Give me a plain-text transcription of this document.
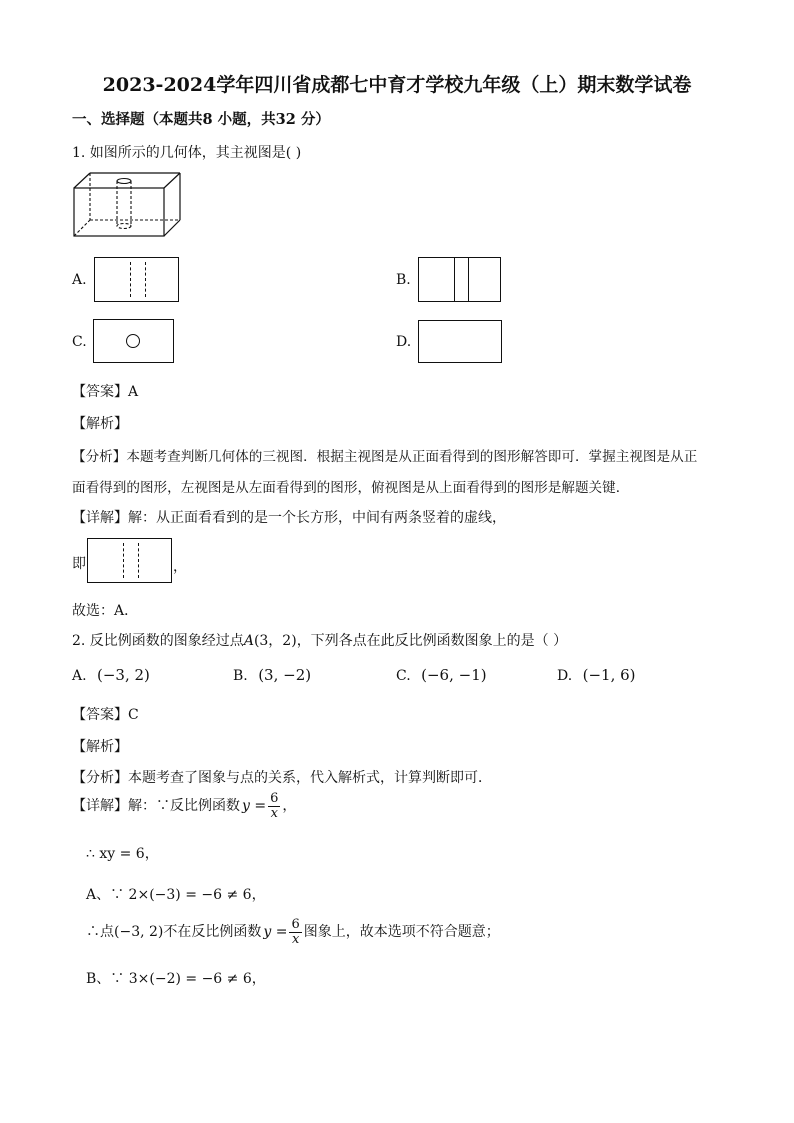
2023-2024学年四川省成都七中育才学校九年级（上）期末数学试卷
一、选择题（本题共8 小题，共32 分）
1. 如图所示的几何体，其主视图是( )
A.	B.
C.	D.
【答案】A
【解析】
【分析】本题考查判断几何体的三视图．根据主视图是从正面看得到的图形解答即可．掌握主视图是从正
面看得到的图形，左视图是从左面看得到的图形，俯视图是从上面看得到的图形是解题关键．
【详解】解：从正面看看到的是一个长方形，中间有两条竖着的虚线，
即	，
故选：A．
2. 反比例函数的图象经过点A(3，2)，下列各点在此反比例函数图象上的是（ ）
A. (−3, 2)	B. (3, −2)	C. (−6, −1)	D. (−1, 6)
【答案】C
【解析】
【分析】本题考查了图象与点的关系，代入解析式，计算判断即可．
【详解】解：∵反比例函数 $y = \frac{6}{x}$ ，
∴ xy = 6，
A、∵ 2×(−3) = −6 ≠ 6，
∴点(−3, 2)不在反比例函数 $y = \frac{6}{x}$ 图象上，故本选项不符合题意；
B、∵ 3×(−2) = −6 ≠ 6，
